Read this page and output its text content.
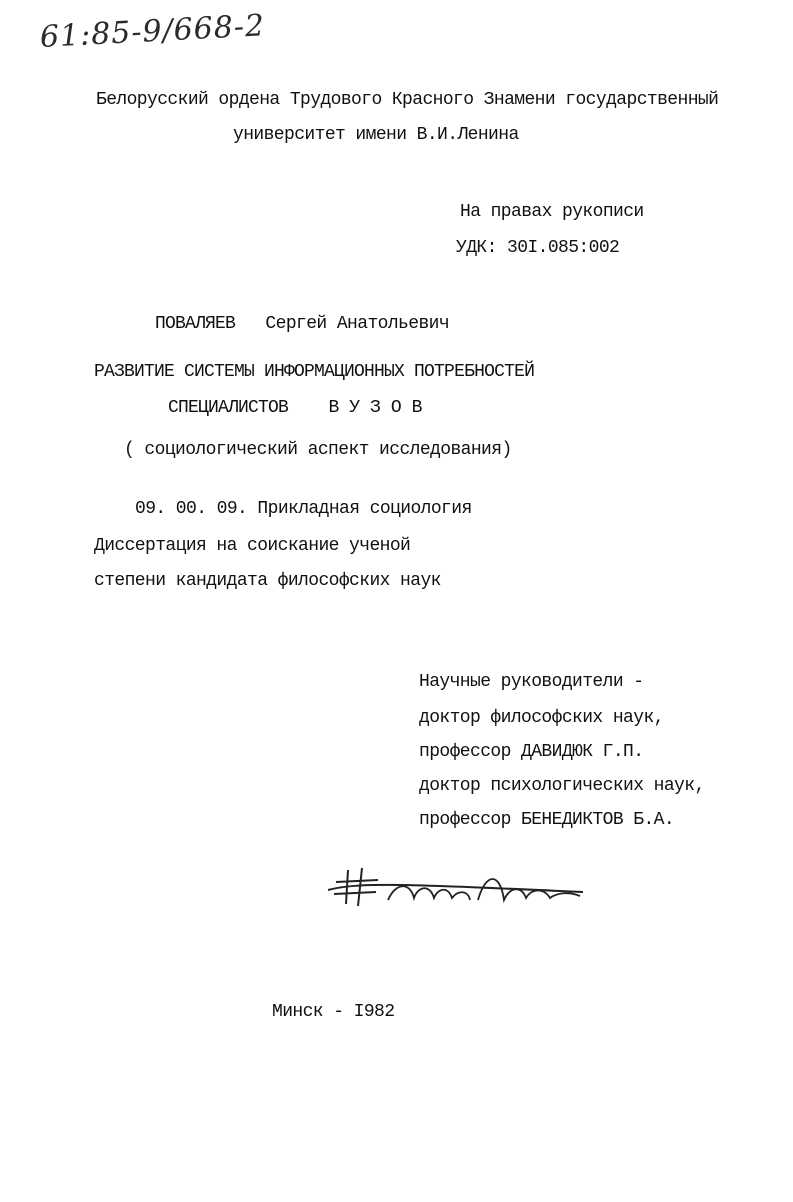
61:85-9/668-2
Белорусский ордена Трудового Красного Знамени государственный
университет имени В.И.Ленина
На правах рукописи
УДК: 30I.085:002
ПОВАЛЯЕВ Сергей Анатольевич
РАЗВИТИЕ СИСТЕМЫ ИНФОРМАЦИОННЫХ ПОТРЕБНОСТЕЙ
СПЕЦИАЛИСТОВ ВУЗОВ
( социологический аспект исследования)
09. 00. 09. Прикладная социология
Диссертация на соискание ученой
степени кандидата философских наук
Научные руководители -
доктор философских наук,
профессор ДАВИДЮК Г.П.
доктор психологических наук,
профессор БЕНЕДИКТОВ Б.А.
Минск - I982
